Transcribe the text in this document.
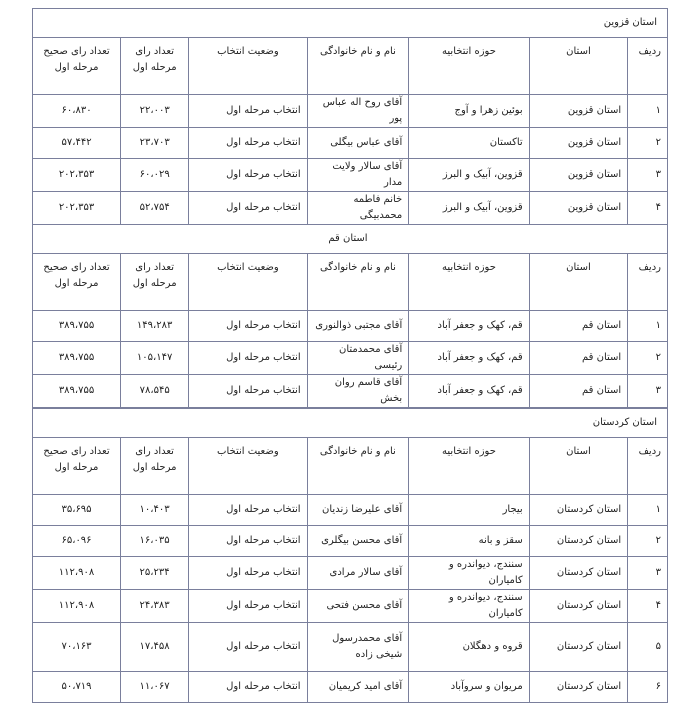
استان قزوین						
ردیف	استان	حوزه انتخابیه	نام و نام خانوادگی	وضعیت انتخاب	تعداد رای مرحله اول	تعداد رای صحیح مرحله اول
۱	استان قزوین	بوئین زهرا و آوج	آقای روح اله عباس پور	انتخاب مرحله اول	۲۲،۰۰۳	۶۰،۸۳۰
۲	استان قزوین	تاکستان	آقای عباس بیگلی	انتخاب مرحله اول	۲۳،۷۰۳	۵۷،۴۴۲
۳	استان قزوین	قزوین، آبیک و البرز	آقای سالار ولایت مدار	انتخاب مرحله اول	۶۰،۰۲۹	۲۰۲،۳۵۳
۴	استان قزوین	قزوین، آبیک و البرز	خانم فاطمه محمدبیگی	انتخاب مرحله اول	۵۲،۷۵۴	۲۰۲،۳۵۳
استان قم						
ردیف	استان	حوزه انتخابیه	نام و نام خانوادگی	وضعیت انتخاب	تعداد رای مرحله اول	تعداد رای صحیح مرحله اول
۱	استان قم	قم، کهک و جعفر آباد	آقای مجتبی ذوالنوری	انتخاب مرحله اول	۱۴۹،۲۸۳	۳۸۹،۷۵۵
۲	استان قم	قم، کهک و جعفر آباد	آقای محمدمتان رئیسی	انتخاب مرحله اول	۱۰۵،۱۴۷	۳۸۹،۷۵۵
۳	استان قم	قم، کهک و جعفر آباد	آقای قاسم روان بخش	انتخاب مرحله اول	۷۸،۵۴۵	۳۸۹،۷۵۵
استان کردستان						
ردیف	استان	حوزه انتخابیه	نام و نام خانوادگی	وضعیت انتخاب	تعداد رای مرحله اول	تعداد رای صحیح مرحله اول
۱	استان کردستان	بیجار	آقای علیرضا زندیان	انتخاب مرحله اول	۱۰،۴۰۳	۳۵،۶۹۵
۲	استان کردستان	سقز و بانه	آقای محسن بیگلری	انتخاب مرحله اول	۱۶،۰۳۵	۶۵،۰۹۶
۳	استان کردستان	سنندج، دیواندره و کامیاران	آقای سالار مرادی	انتخاب مرحله اول	۲۵،۲۳۴	۱۱۲،۹۰۸
۴	استان کردستان	سنندج، دیواندره و کامیاران	آقای محسن فتحی	انتخاب مرحله اول	۲۴،۳۸۳	۱۱۲،۹۰۸
۵	استان کردستان	قروه و دهگلان	آقای محمدرسول شیخی زاده	انتخاب مرحله اول	۱۷،۴۵۸	۷۰،۱۶۳
۶	استان کردستان	مریوان و سروآباد	آقای امید کریمیان	انتخاب مرحله اول	۱۱،۰۶۷	۵۰،۷۱۹
